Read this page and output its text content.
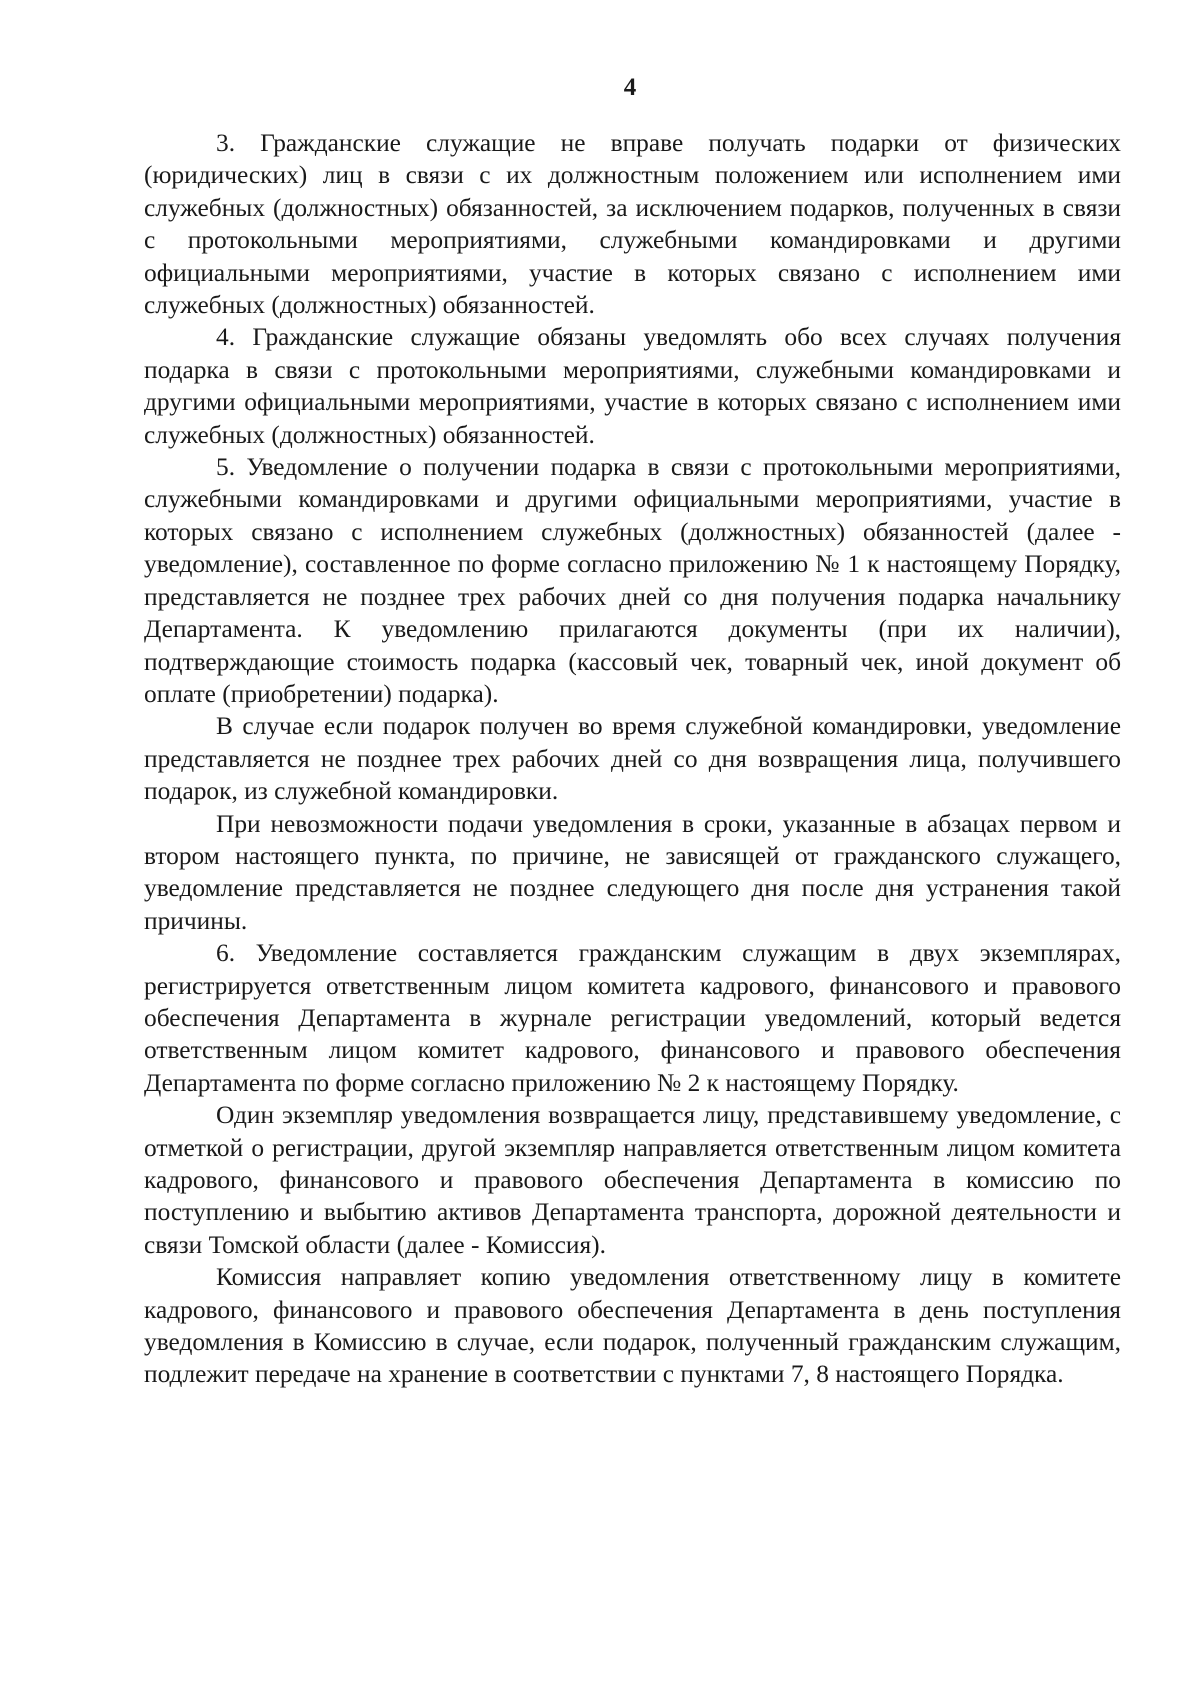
4

3. Гражданские служащие не вправе получать подарки от физических (юридических) лиц в связи с их должностным положением или исполнением ими служебных (должностных) обязанностей, за исключением подарков, полученных в связи с протокольными мероприятиями, служебными командировками и другими официальными мероприятиями, участие в которых связано с исполнением ими служебных (должностных) обязанностей.

4. Гражданские служащие обязаны уведомлять обо всех случаях получения подарка в связи с протокольными мероприятиями, служебными командировками и другими официальными мероприятиями, участие в которых связано с исполнением ими служебных (должностных) обязанностей.

5. Уведомление о получении подарка в связи с протокольными мероприятиями, служебными командировками и другими официальными мероприятиями, участие в которых связано с исполнением служебных (должностных) обязанностей (далее - уведомление), составленное по форме согласно приложению № 1 к настоящему Порядку, представляется не позднее трех рабочих дней со дня получения подарка начальнику Департамента. К уведомлению прилагаются документы (при их наличии), подтверждающие стоимость подарка (кассовый чек, товарный чек, иной документ об оплате (приобретении) подарка).

В случае если подарок получен во время служебной командировки, уведомление представляется не позднее трех рабочих дней со дня возвращения лица, получившего подарок, из служебной командировки.

При невозможности подачи уведомления в сроки, указанные в абзацах первом и втором настоящего пункта, по причине, не зависящей от гражданского служащего, уведомление представляется не позднее следующего дня после дня устранения такой причины.

6. Уведомление составляется гражданским служащим в двух экземплярах, регистрируется ответственным лицом комитета кадрового, финансового и правового обеспечения Департамента в журнале регистрации уведомлений, который ведется ответственным лицом комитет кадрового, финансового и правового обеспечения Департамента по форме согласно приложению № 2 к настоящему Порядку.

Один экземпляр уведомления возвращается лицу, представившему уведомление, с отметкой о регистрации, другой экземпляр направляется ответственным лицом комитета кадрового, финансового и правового обеспечения Департамента в комиссию по поступлению и выбытию активов Департамента транспорта, дорожной деятельности и связи Томской области (далее - Комиссия).

Комиссия направляет копию уведомления ответственному лицу в комитете кадрового, финансового и правового обеспечения Департамента в день поступления уведомления в Комиссию в случае, если подарок, полученный гражданским служащим, подлежит передаче на хранение в соответствии с пунктами 7, 8 настоящего Порядка.
